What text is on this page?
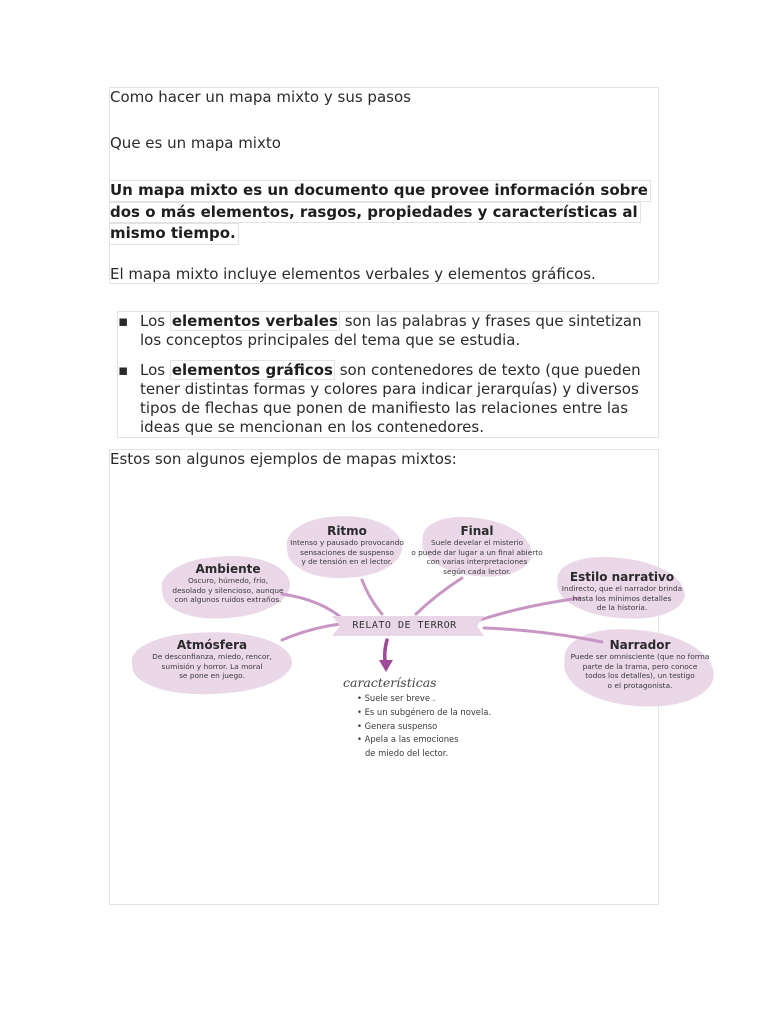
Como hacer un mapa mixto y sus pasos
Que es un mapa mixto
Un mapa mixto es un documento que provee información sobre
dos o más elementos, rasgos, propiedades y características al
mismo tiempo.
El mapa mixto incluye elementos verbales y elementos gráficos.
▪ Los elementos verbales son las palabras y frases que sintetizan los conceptos principales del tema que se estudia.
▪ Los elementos gráficos son contenedores de texto (que pueden tener distintas formas y colores para indicar jerarquías) y diversos tipos de flechas que ponen de manifiesto las relaciones entre las ideas que se mencionan en los contenedores.
Estos son algunos ejemplos de mapas mixtos:
Ritmo
Intenso y pausado provocando
sensaciones de suspenso
y de tensión en el lector.
Final
Suele develar el misterio
o puede dar lugar a un final abierto
con varias interpretaciones
según cada lector.
Ambiente
Oscuro, húmedo, frío,
desolado y silencioso, aunque
con algunos ruidos extraños.
Estilo narrativo
Indirecto, que el narrador brinda
hasta los mínimos detalles
de la historia.
Atmósfera
De desconfianza, miedo, rencor,
sumisión y horror. La moral
se pone en juego.
Narrador
Puede ser omnisciente (que no forma
parte de la trama, pero conoce
todos los detalles), un testigo
o el protagonista.
RELATO DE TERROR
características
• Suele ser breve .
• Es un subgénero de la novela.
• Genera suspenso
• Apela a las emociones
de miedo del lector.
